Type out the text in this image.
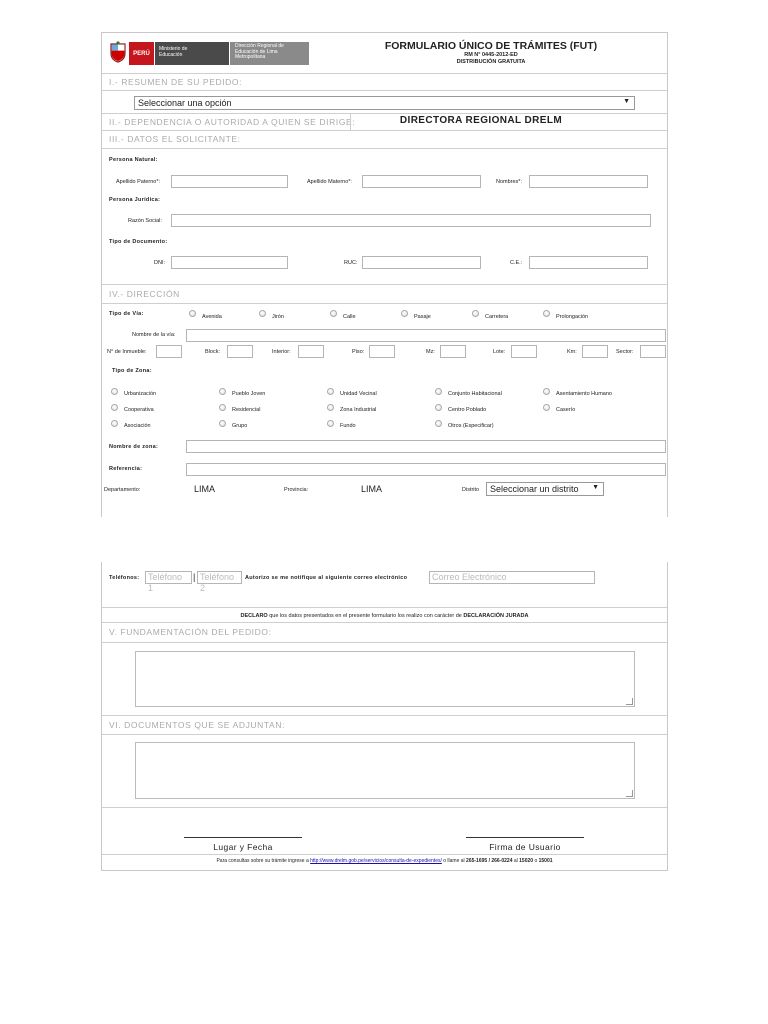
PERÚ
Ministerio de Educación
Dirección Regional de Educación de Lima Metropolitana
FORMULARIO ÚNICO DE TRÁMITES (FUT)
RM N° 0445-2012-ED
DISTRIBUCIÓN GRATUITA
I.- RESUMEN DE SU PEDIDO:
Seleccionar una opción	▼
II.- DEPENDENCIA O AUTORIDAD A QUIEN SE DIRIGE:	DIRECTORA REGIONAL DRELM
III.- DATOS EL SOLICITANTE:
Persona Natural:
Apellido Paterno*:	Apellido Materno*:	Nombres*:
Persona Jurídica:
Razón Social:
Tipo de Documento:
DNI:	RUC:	C.E.:
IV.- DIRECCIÓN
Tipo de Vía:	Avenida	Jirón	Calle	Pasaje	Carretera	Prolongación
Nombre de la vía:
N° de Inmueble:	Block:	Interior:	Piso:	Mz:	Lote:	Km:	Sector:
Tipo de Zona:
Urbanización	Pueblo Joven	Unidad Vecinal	Conjunto Habitacional	Asentamiento Humano
Cooperativa	Residencial	Zona Industrial	Centro Poblado	Caserío
Asociación	Grupo	Fundo	Otros (Especificar)
Nombre de zona:
Referencia:
Departamento:	LIMA	Provincia:	LIMA	Distrito	Seleccionar un distrito ▼
Teléfonos: Teléfono 1
| Teléfono 2
Autorizo se me notifique al siguiente correo electrónico	Correo Electrónico
DECLARO que los datos presentados en el presente formulario los realizo con carácter de DECLARACIÓN JURADA
V. FUNDAMENTACIÓN DEL PEDIDO:
VI. DOCUMENTOS QUE SE ADJUNTAN:
Lugar y Fecha	Firma de Usuario
Para consultas sobre su trámite ingrese a http://www.drelm.gob.pe/servicios/consulta-de-expedientes/ o llame al 265-1695 / 266-0224 al 15020 o 15001
